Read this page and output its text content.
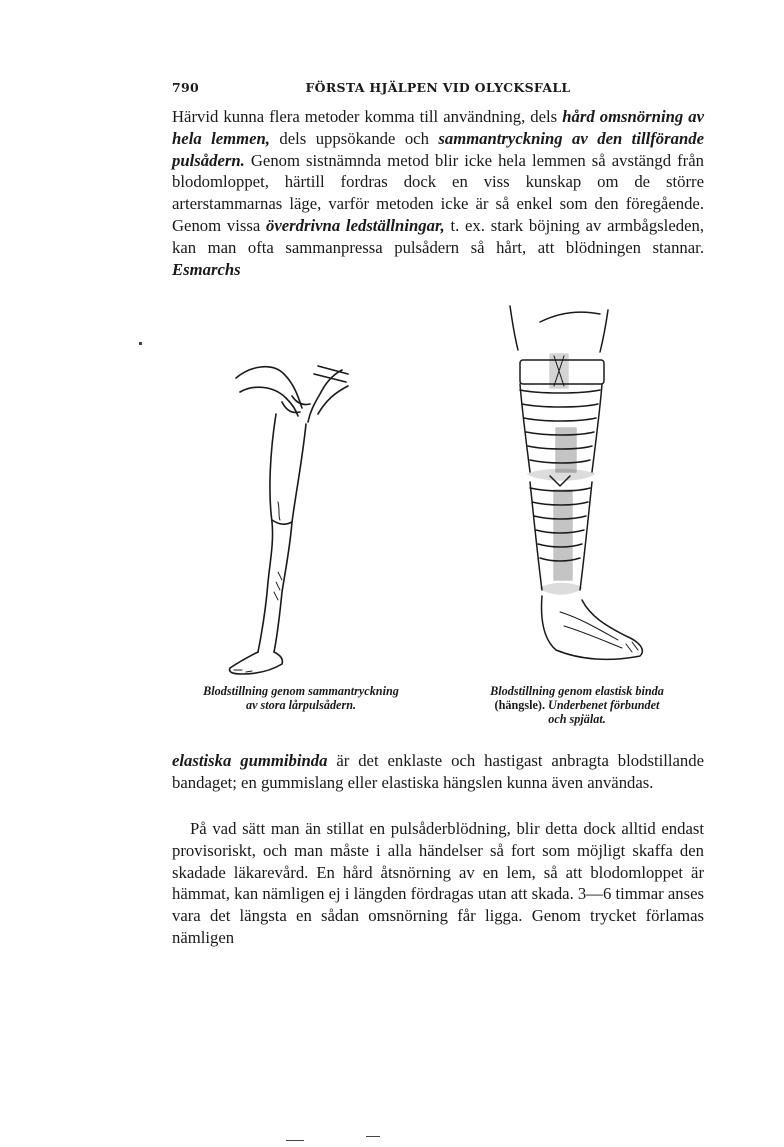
790	FÖRSTA HJÄLPEN VID OLYCKSFALL

Härvid kunna flera metoder komma till användning, dels hård omsnörning av hela lemmen, dels uppsökande och sammantryckning av den tillförande pulsådern. Genom sistnämnda metod blir icke hela lemmen så avstängd från blodomloppet, härtill fordras dock en viss kunskap om de större arterstammarnas läge, varför metoden icke är så enkel som den föregående. Genom vissa överdrivna ledställningar, t. ex. stark böjning av armbågsleden, kan man ofta sammanpressa pulsådern så hårt, att blödningen stannar. Esmarchs

Blodstillning genom sammantryckning
av stora lårpulsådern.
Blodstillning genom elastisk binda
(hängsle). Underbenet förbundet
och spjälat.

elastiska gummibinda är det enklaste och hastigast anbragta blodstillande bandaget; en gummislang eller elastiska hängslen kunna även användas.

På vad sätt man än stillat en pulsåderblödning, blir detta dock alltid endast provisoriskt, och man måste i alla händelser så fort som möjligt skaffa den skadade läkarevård. En hård åtsnörning av en lem, så att blodomloppet är hämmat, kan nämligen ej i längden fördragas utan att skada. 3—6 timmar anses vara det längsta en sådan omsnörning får ligga. Genom trycket förlamas nämligen
